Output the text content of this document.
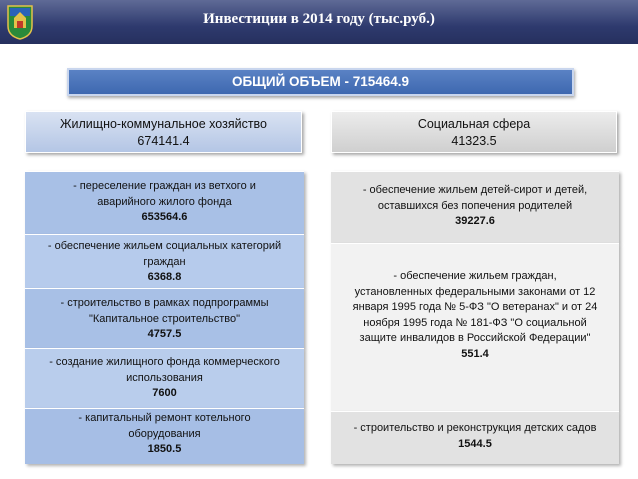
Инвестиции в 2014 году (тыс.руб.)
ОБЩИЙ ОБЪЕМ - 715464.9
Жилищно-коммунальное хозяйство
674141.4
Социальная сфера
41323.5
- переселение граждан из ветхого и
аварийного жилого фонда
653564.6
- обеспечение жильем социальных категорий
граждан
6368.8
- строительство в рамках подпрограммы
"Капитальное строительство"
4757.5
- создание жилищного фонда коммерческого
использования
7600
- капитальный ремонт котельного
оборудования
1850.5
- обеспечение жильем детей-сирот и детей,
оставшихся без попечения родителей
39227.6
- обеспечение жильем граждан,
установленных федеральными законами от 12
января 1995 года № 5-ФЗ "О ветеранах" и от 24
ноября 1995 года № 181-ФЗ "О социальной
защите инвалидов в Российской Федерации"
551.4
- строительство и реконструкция детских садов
1544.5
